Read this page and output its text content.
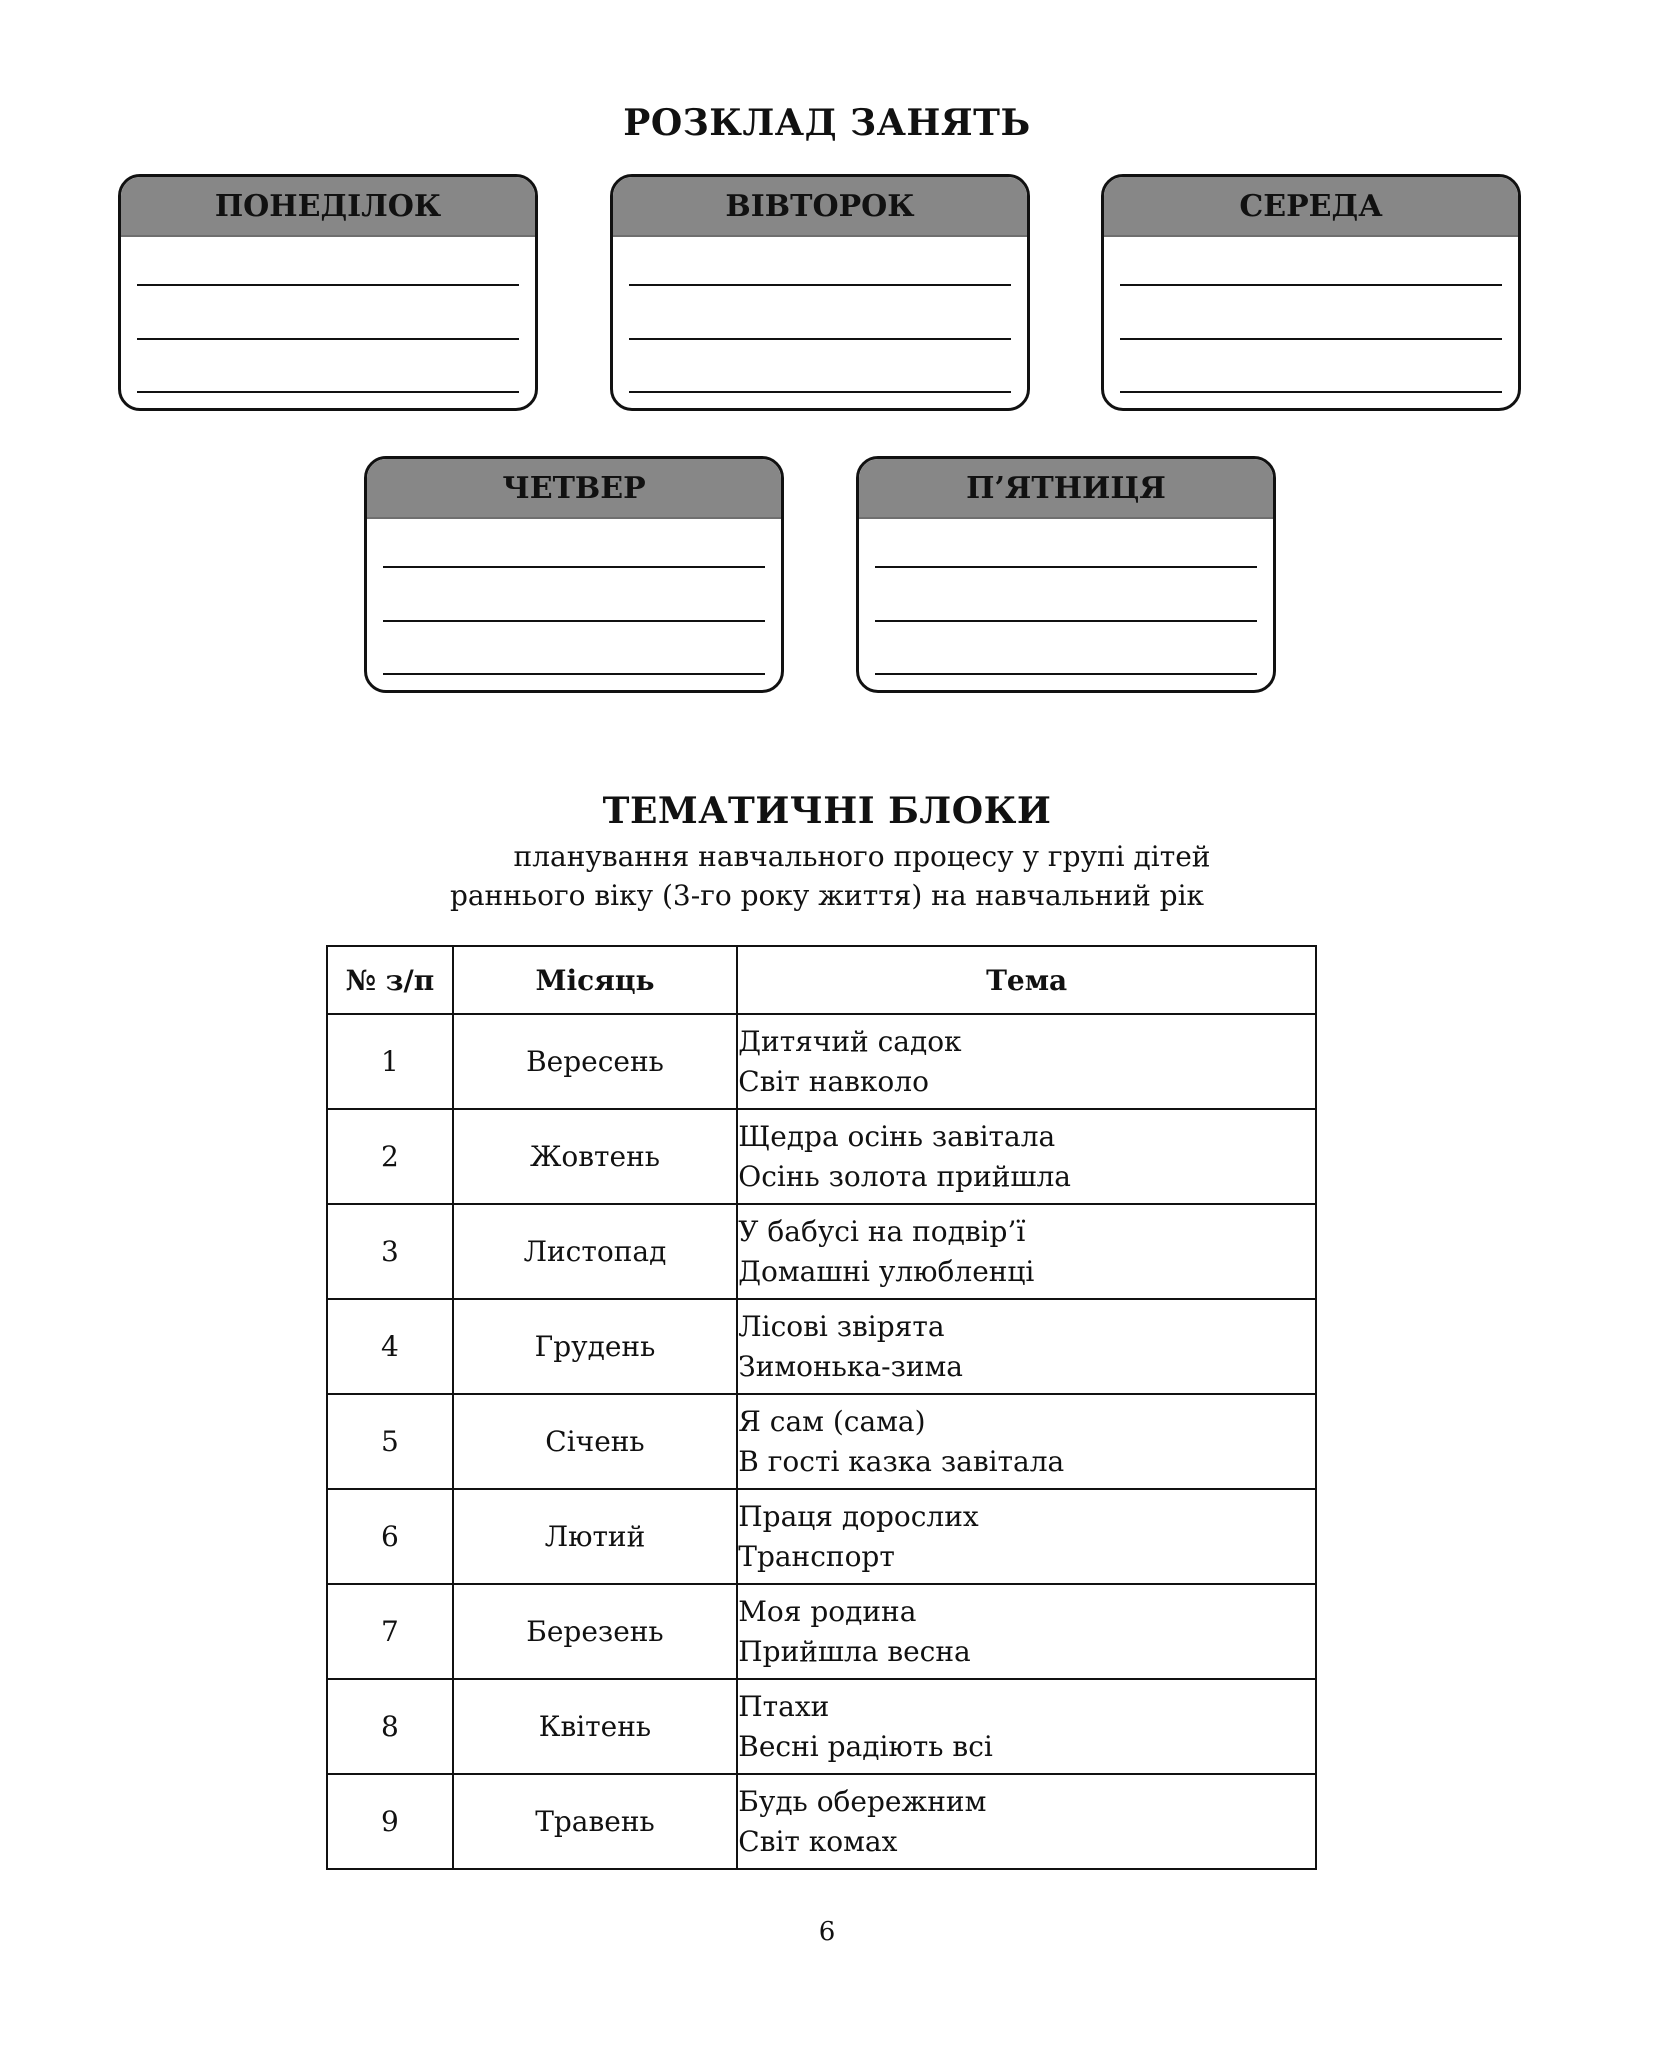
РОЗКЛАД ЗАНЯТЬ
ПОНЕДІЛОК	ВІВТОРОК	СЕРЕДА
ЧЕТВЕР	П’ЯТНИЦЯ
ТЕМАТИЧНІ БЛОКИ
планування навчального процесу у групі дітей
раннього віку (3-го року життя) на навчальний рік
№ з/п	Місяць	Тема
1	Вересень	Дитячий садок
Світ навколо

2	Жовтень	Щедра осінь завітала
Осінь золота прийшла

3	Листопад	У бабусі на подвір’ї
Домашні улюбленці

4	Грудень	Лісові звірята
Зимонька-зима

5	Січень	Я сам (сама)
В гості казка завітала

6	Лютий	Праця дорослих
Транспорт

7	Березень	Моя родина
Прийшла весна

8	Квітень	Птахи
Весні радіють всі

9	Травень	Будь обережним
Світ комах
6
